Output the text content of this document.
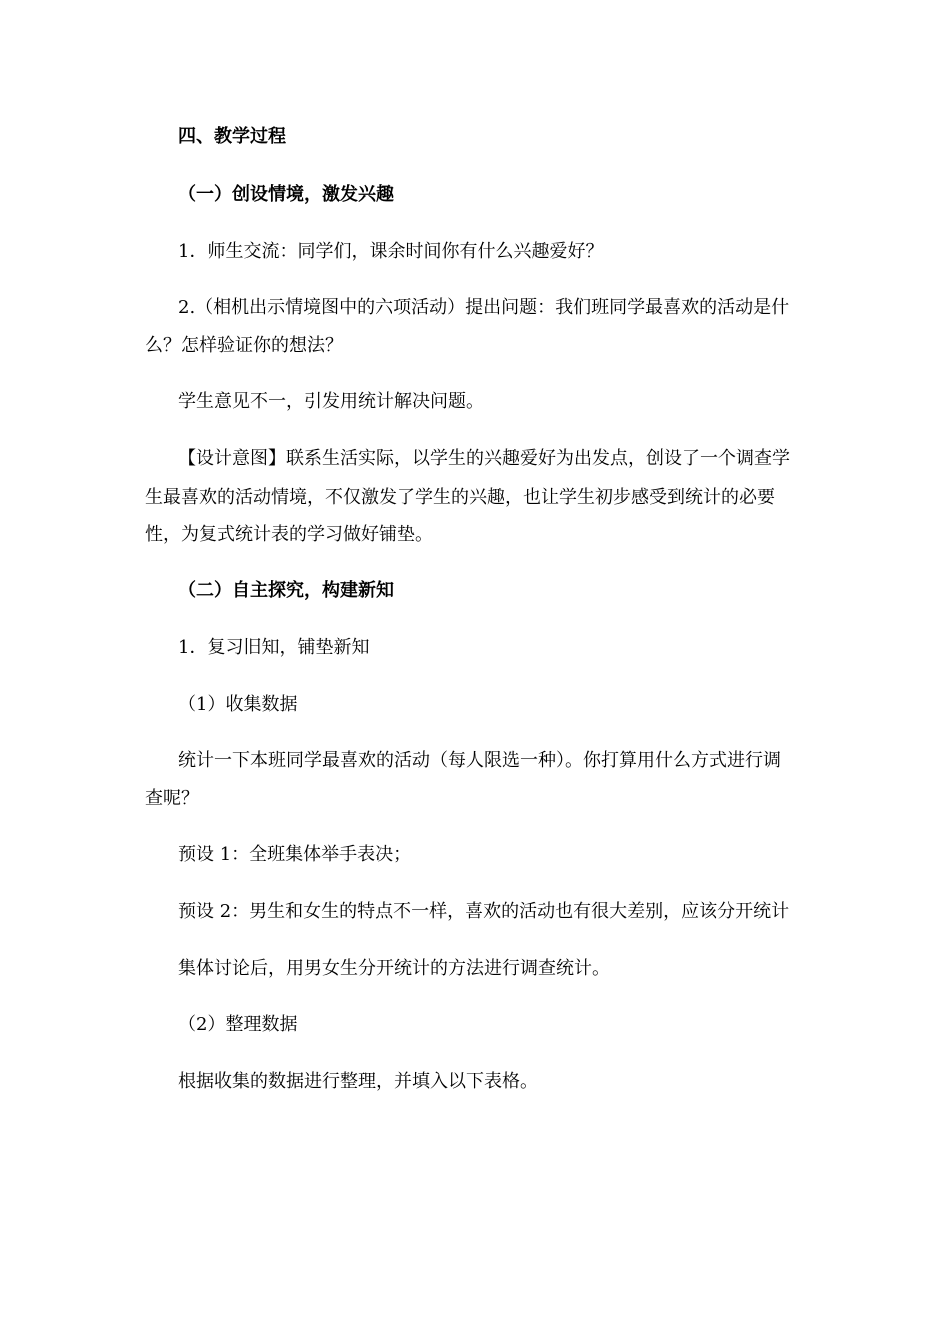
四、教学过程

（一）创设情境，激发兴趣

1．师生交流：同学们，课余时间你有什么兴趣爱好？

2.（相机出示情境图中的六项活动）提出问题：我们班同学最喜欢的活动是什

么？怎样验证你的想法？

学生意见不一，引发用统计解决问题。

【设计意图】联系生活实际，以学生的兴趣爱好为出发点，创设了一个调查学

生最喜欢的活动情境，不仅激发了学生的兴趣，也让学生初步感受到统计的必要

性，为复式统计表的学习做好铺垫。

（二）自主探究，构建新知

1．复习旧知，铺垫新知

（1）收集数据

统计一下本班同学最喜欢的活动（每人限选一种）。你打算用什么方式进行调

查呢？

预设 1：全班集体举手表决；

预设 2：男生和女生的特点不一样，喜欢的活动也有很大差别，应该分开统计

集体讨论后，用男女生分开统计的方法进行调查统计。

（2）整理数据

根据收集的数据进行整理，并填入以下表格。
